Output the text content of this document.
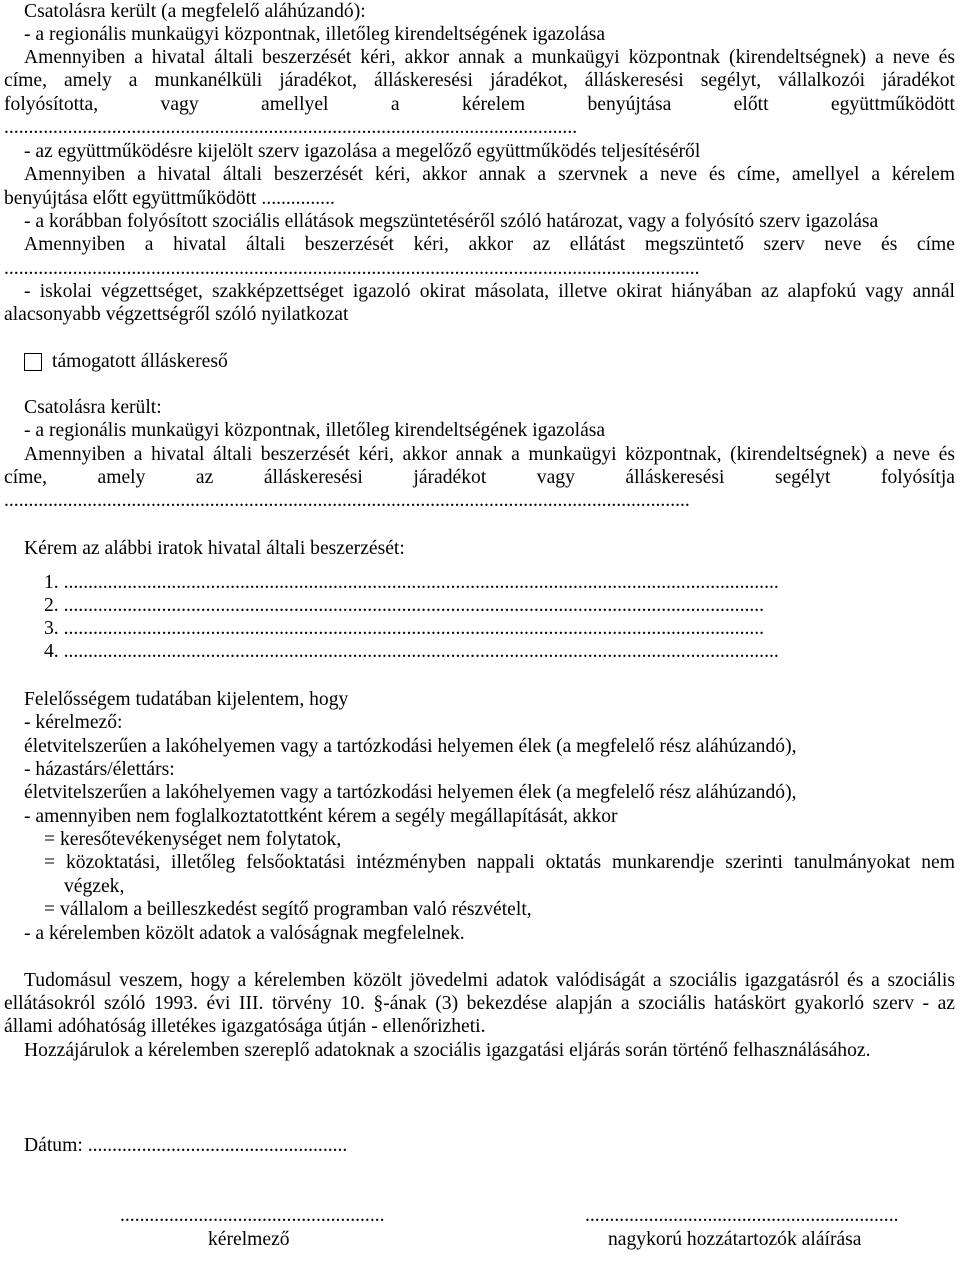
Csatolásra került (a megfelelő aláhúzandó):
- a regionális munkaügyi központnak, illetőleg kirendeltségének igazolása
Amennyiben a hivatal általi beszerzését kéri, akkor annak a munkaügyi központnak (kirendeltségnek) a neve és
címe, amely a munkanélküli járadékot, álláskeresési járadékot, álláskeresési segélyt, vállalkozói járadékot
folyósította, vagy amellyel a kérelem benyújtása előtt együttműködött
.....................................................................................................................
- az együttműködésre kijelölt szerv igazolása a megelőző együttműködés teljesítéséről
Amennyiben a hivatal általi beszerzését kéri, akkor annak a szervnek a neve és címe, amellyel a kérelem
benyújtása előtt együttműködött ...............
- a korábban folyósított szociális ellátások megszüntetéséről szóló határozat, vagy a folyósító szerv igazolása
Amennyiben a hivatal általi beszerzését kéri, akkor az ellátást megszüntető szerv neve és címe
..............................................................................................................................................
- iskolai végzettséget, szakképzettséget igazoló okirat másolata, illetve okirat hiányában az alapfokú vagy annál
alacsonyabb végzettségről szóló nyilatkozat
támogatott álláskereső
Csatolásra került:
- a regionális munkaügyi központnak, illetőleg kirendeltségének igazolása
Amennyiben a hivatal általi beszerzését kéri, akkor annak a munkaügyi központnak, (kirendeltségnek) a neve és
címe, amely az álláskeresési járadékot vagy álláskeresési segélyt folyósítja
............................................................................................................................................
Kérem az alábbi iratok hivatal általi beszerzését:
1. ..................................................................................................................................................
2. ...............................................................................................................................................
3. ...............................................................................................................................................
4. ..................................................................................................................................................
Felelősségem tudatában kijelentem, hogy
- kérelmező:
életvitelszerűen a lakóhelyemen vagy a tartózkodási helyemen élek (a megfelelő rész aláhúzandó),
- házastárs/élettárs:
életvitelszerűen a lakóhelyemen vagy a tartózkodási helyemen élek (a megfelelő rész aláhúzandó),
- amennyiben nem foglalkoztatottként kérem a segély megállapítását, akkor
= keresőtevékenységet nem folytatok,
= közoktatási, illetőleg felsőoktatási intézményben nappali oktatás munkarendje szerinti tanulmányokat nem
végzek,
= vállalom a beilleszkedést segítő programban való részvételt,
- a kérelemben közölt adatok a valóságnak megfelelnek.
Tudomásul veszem, hogy a kérelemben közölt jövedelmi adatok valódiságát a szociális igazgatásról és a szociális
ellátásokról szóló 1993. évi III. törvény 10. §-ának (3) bekezdése alapján a szociális hatáskört gyakorló szerv - az
állami adóhatóság illetékes igazgatósága útján - ellenőrizheti.
Hozzájárulok a kérelemben szereplő adatoknak a szociális igazgatási eljárás során történő felhasználásához.
Dátum: .....................................................
......................................................	................................................................
kérelmező	nagykorú hozzátartozók aláírása
